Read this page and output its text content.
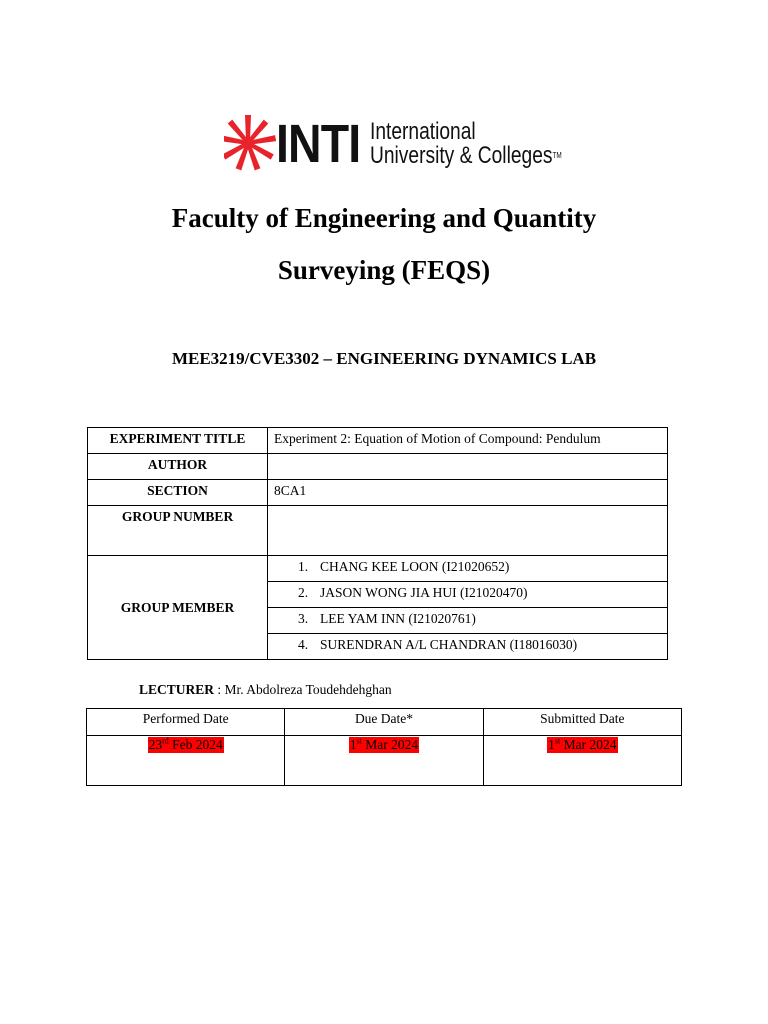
INTI International
University & Colleges™
Faculty of Engineering and Quantity
Surveying (FEQS)
MEE3219/CVE3302 – ENGINEERING DYNAMICS LAB
EXPERIMENT TITLE	Experiment 2: Equation of Motion of Compound: Pendulum
AUTHOR	
SECTION	8CA1
GROUP NUMBER	
GROUP MEMBER	1. CHANG KEE LOON (I21020652)
	2. JASON WONG JIA HUI (I21020470)
	3. LEE YAM INN (I21020761)
	4. SURENDRAN A/L CHANDRAN (I18016030)
LECTURER : Mr. Abdolreza Toudehdehghan
Performed Date	Due Date*	Submitted Date
23rd Feb 2024	1st Mar 2024	1st Mar 2024
